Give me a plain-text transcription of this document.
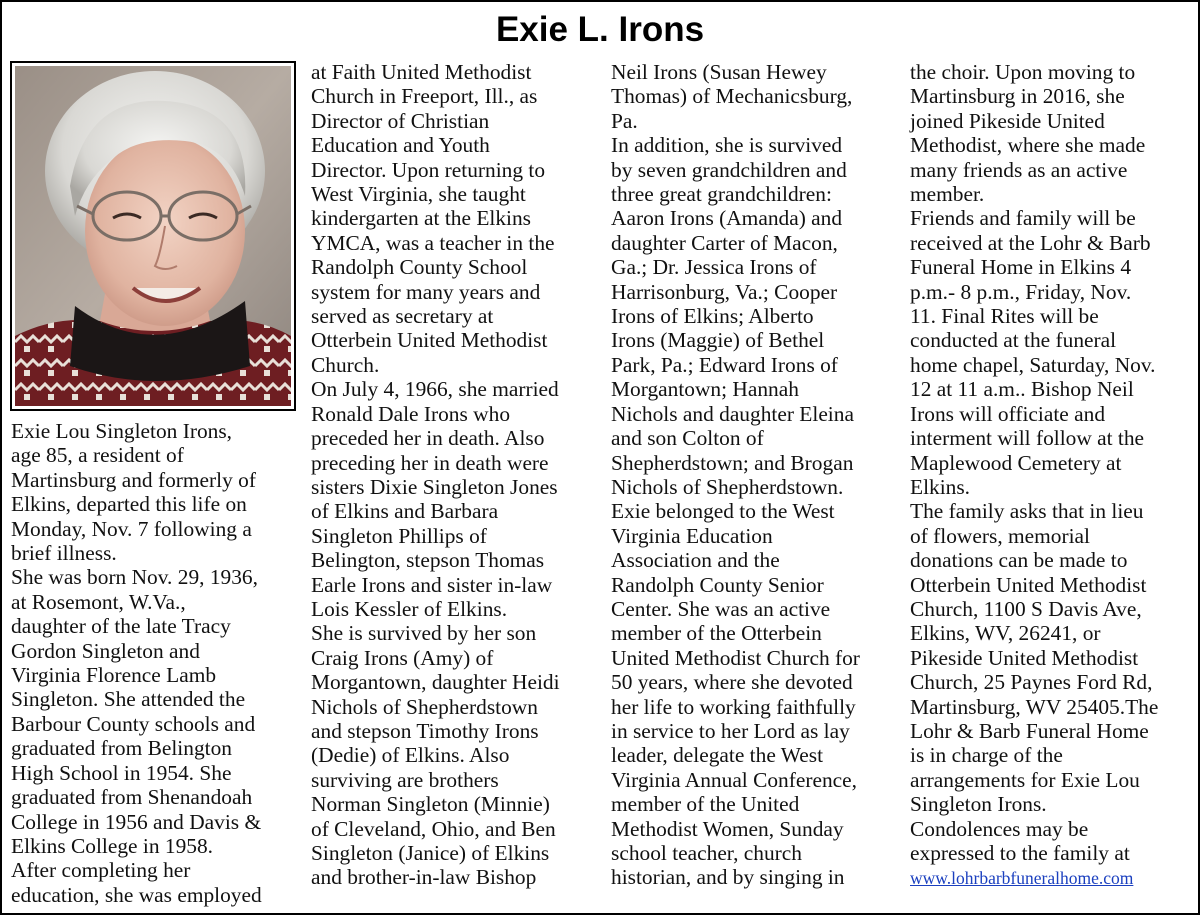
Exie L. Irons

Exie Lou Singleton Irons,
age 85, a resident of
Martinsburg and formerly of
Elkins, departed this life on
Monday, Nov. 7 following a
brief illness.

She was born Nov. 29, 1936,
at Rosemont, W.Va.,
daughter of the late Tracy
Gordon Singleton and
Virginia Florence Lamb
Singleton. She attended the
Barbour County schools and
graduated from Belington
High School in 1954. She
graduated from Shenandoah
College in 1956 and Davis &
Elkins College in 1958.
After completing her
education, she was employed

at Faith United Methodist
Church in Freeport, Ill., as
Director of Christian
Education and Youth
Director. Upon returning to
West Virginia, she taught
kindergarten at the Elkins
YMCA, was a teacher in the
Randolph County School
system for many years and
served as secretary at
Otterbein United Methodist
Church.

On July 4, 1966, she married
Ronald Dale Irons who
preceded her in death. Also
preceding her in death were
sisters Dixie Singleton Jones
of Elkins and Barbara
Singleton Phillips of
Belington, stepson Thomas
Earle Irons and sister in-law
Lois Kessler of Elkins.

She is survived by her son
Craig Irons (Amy) of
Morgantown, daughter Heidi
Nichols of Shepherdstown
and stepson Timothy Irons
(Dedie) of Elkins. Also
surviving are brothers
Norman Singleton (Minnie)
of Cleveland, Ohio, and Ben
Singleton (Janice) of Elkins
and brother-in-law Bishop

Neil Irons (Susan Hewey
Thomas) of Mechanicsburg,
Pa.

In addition, she is survived
by seven grandchildren and
three great grandchildren:
Aaron Irons (Amanda) and
daughter Carter of Macon,
Ga.; Dr. Jessica Irons of
Harrisonburg, Va.; Cooper
Irons of Elkins; Alberto
Irons (Maggie) of Bethel
Park, Pa.; Edward Irons of
Morgantown; Hannah
Nichols and daughter Eleina
and son Colton of
Shepherdstown; and Brogan
Nichols of Shepherdstown.

Exie belonged to the West
Virginia Education
Association and the
Randolph County Senior
Center. She was an active
member of the Otterbein
United Methodist Church for
50 years, where she devoted
her life to working faithfully
in service to her Lord as lay
leader, delegate the West
Virginia Annual Conference,
member of the United
Methodist Women, Sunday
school teacher, church
historian, and by singing in

the choir. Upon moving to
Martinsburg in 2016, she
joined Pikeside United
Methodist, where she made
many friends as an active
member.

Friends and family will be
received at the Lohr & Barb
Funeral Home in Elkins 4
p.m.- 8 p.m., Friday, Nov.
11. Final Rites will be
conducted at the funeral
home chapel, Saturday, Nov.
12 at 11 a.m.. Bishop Neil
Irons will officiate and
interment will follow at the
Maplewood Cemetery at
Elkins.

The family asks that in lieu
of flowers, memorial
donations can be made to
Otterbein United Methodist
Church, 1100 S Davis Ave,
Elkins, WV, 26241, or
Pikeside United Methodist
Church, 25 Paynes Ford Rd,
Martinsburg, WV 25405.The
Lohr & Barb Funeral Home
is in charge of the
arrangements for Exie Lou
Singleton Irons.

Condolences may be
expressed to the family at

www.lohrbarbfuneralhome.com
